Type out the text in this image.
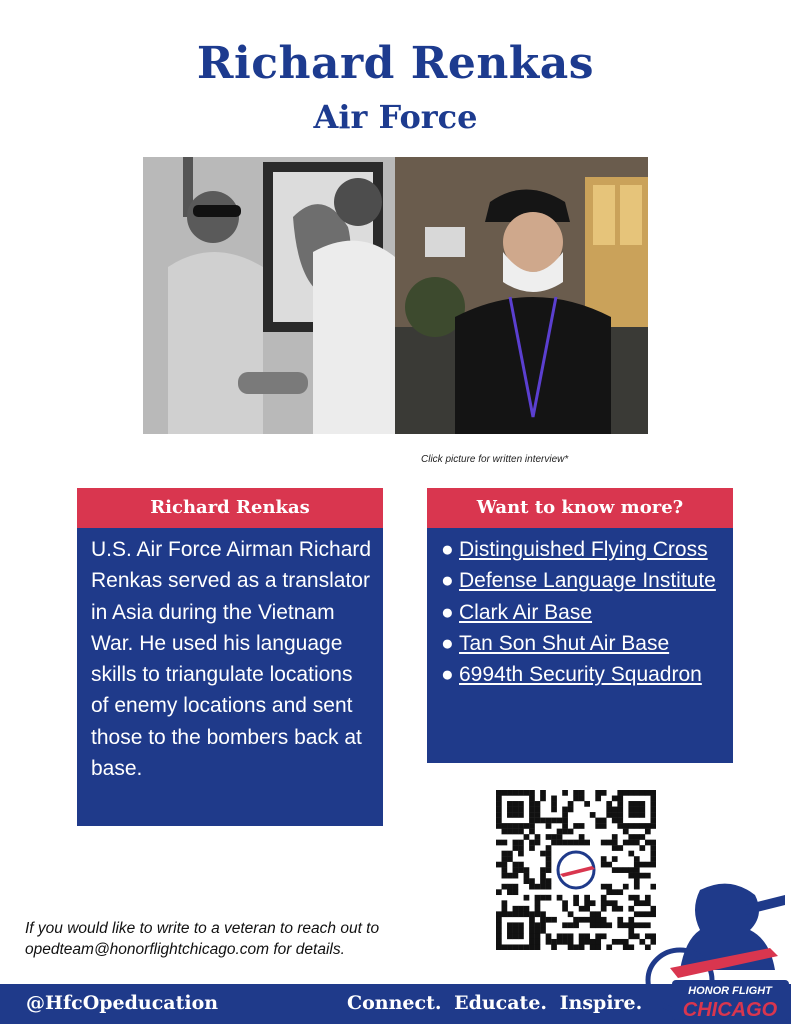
Richard Renkas
Air Force
Click picture for written interview*
Richard Renkas
U.S. Air Force Airman Richard Renkas served as a translator in Asia during the Vietnam War. He used his language skills to triangulate locations of enemy locations and sent those to the bombers back at base.
Want to know more?
● Distinguished Flying Cross
● Defense Language Institute
● Clark Air Base
● Tan Son Shut Air Base
● 6994th Security Squadron
If you would like to write to a veteran to reach out to
opedteam@honorflightchicago.com for details.
@HfcOpeducation	Connect. Educate. Inspire.
HONOR FLIGHT
CHICAGO
